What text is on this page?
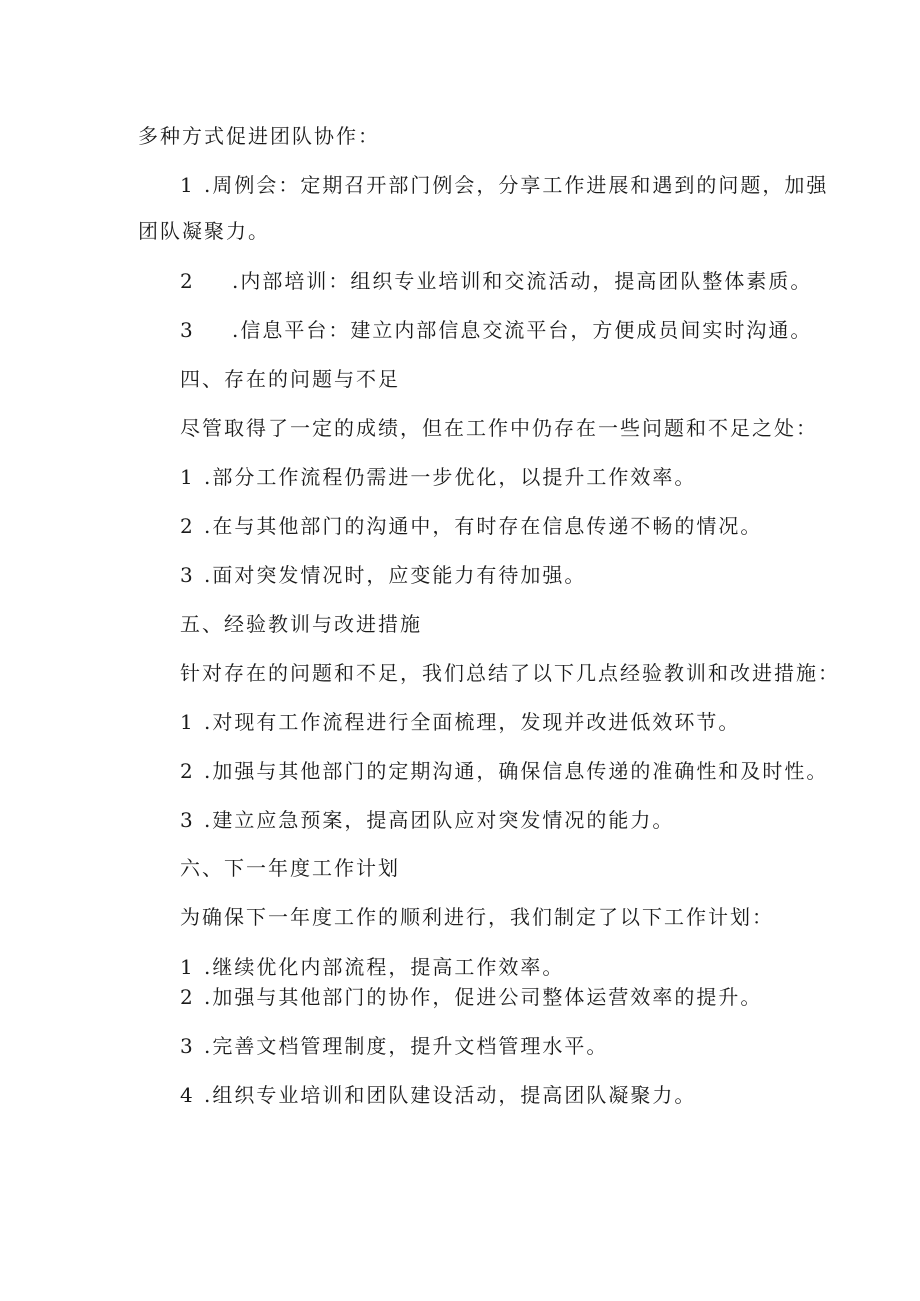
多种方式促进团队协作：

1 .周例会：定期召开部门例会，分享工作进展和遇到的问题，加强

团队凝聚力。

2 .内部培训：组织专业培训和交流活动，提高团队整体素质。

3 .信息平台：建立内部信息交流平台，方便成员间实时沟通。

四、存在的问题与不足

尽管取得了一定的成绩，但在工作中仍存在一些问题和不足之处：

1 .部分工作流程仍需进一步优化，以提升工作效率。

2 .在与其他部门的沟通中，有时存在信息传递不畅的情况。

3 .面对突发情况时，应变能力有待加强。

五、经验教训与改进措施

针对存在的问题和不足，我们总结了以下几点经验教训和改进措施：

1 .对现有工作流程进行全面梳理，发现并改进低效环节。

2 .加强与其他部门的定期沟通，确保信息传递的准确性和及时性。

3 .建立应急预案，提高团队应对突发情况的能力。

六、下一年度工作计划

为确保下一年度工作的顺利进行，我们制定了以下工作计划：

1 .继续优化内部流程，提高工作效率。

2 .加强与其他部门的协作，促进公司整体运营效率的提升。

3 .完善文档管理制度，提升文档管理水平。

4 .组织专业培训和团队建设活动，提高团队凝聚力。
